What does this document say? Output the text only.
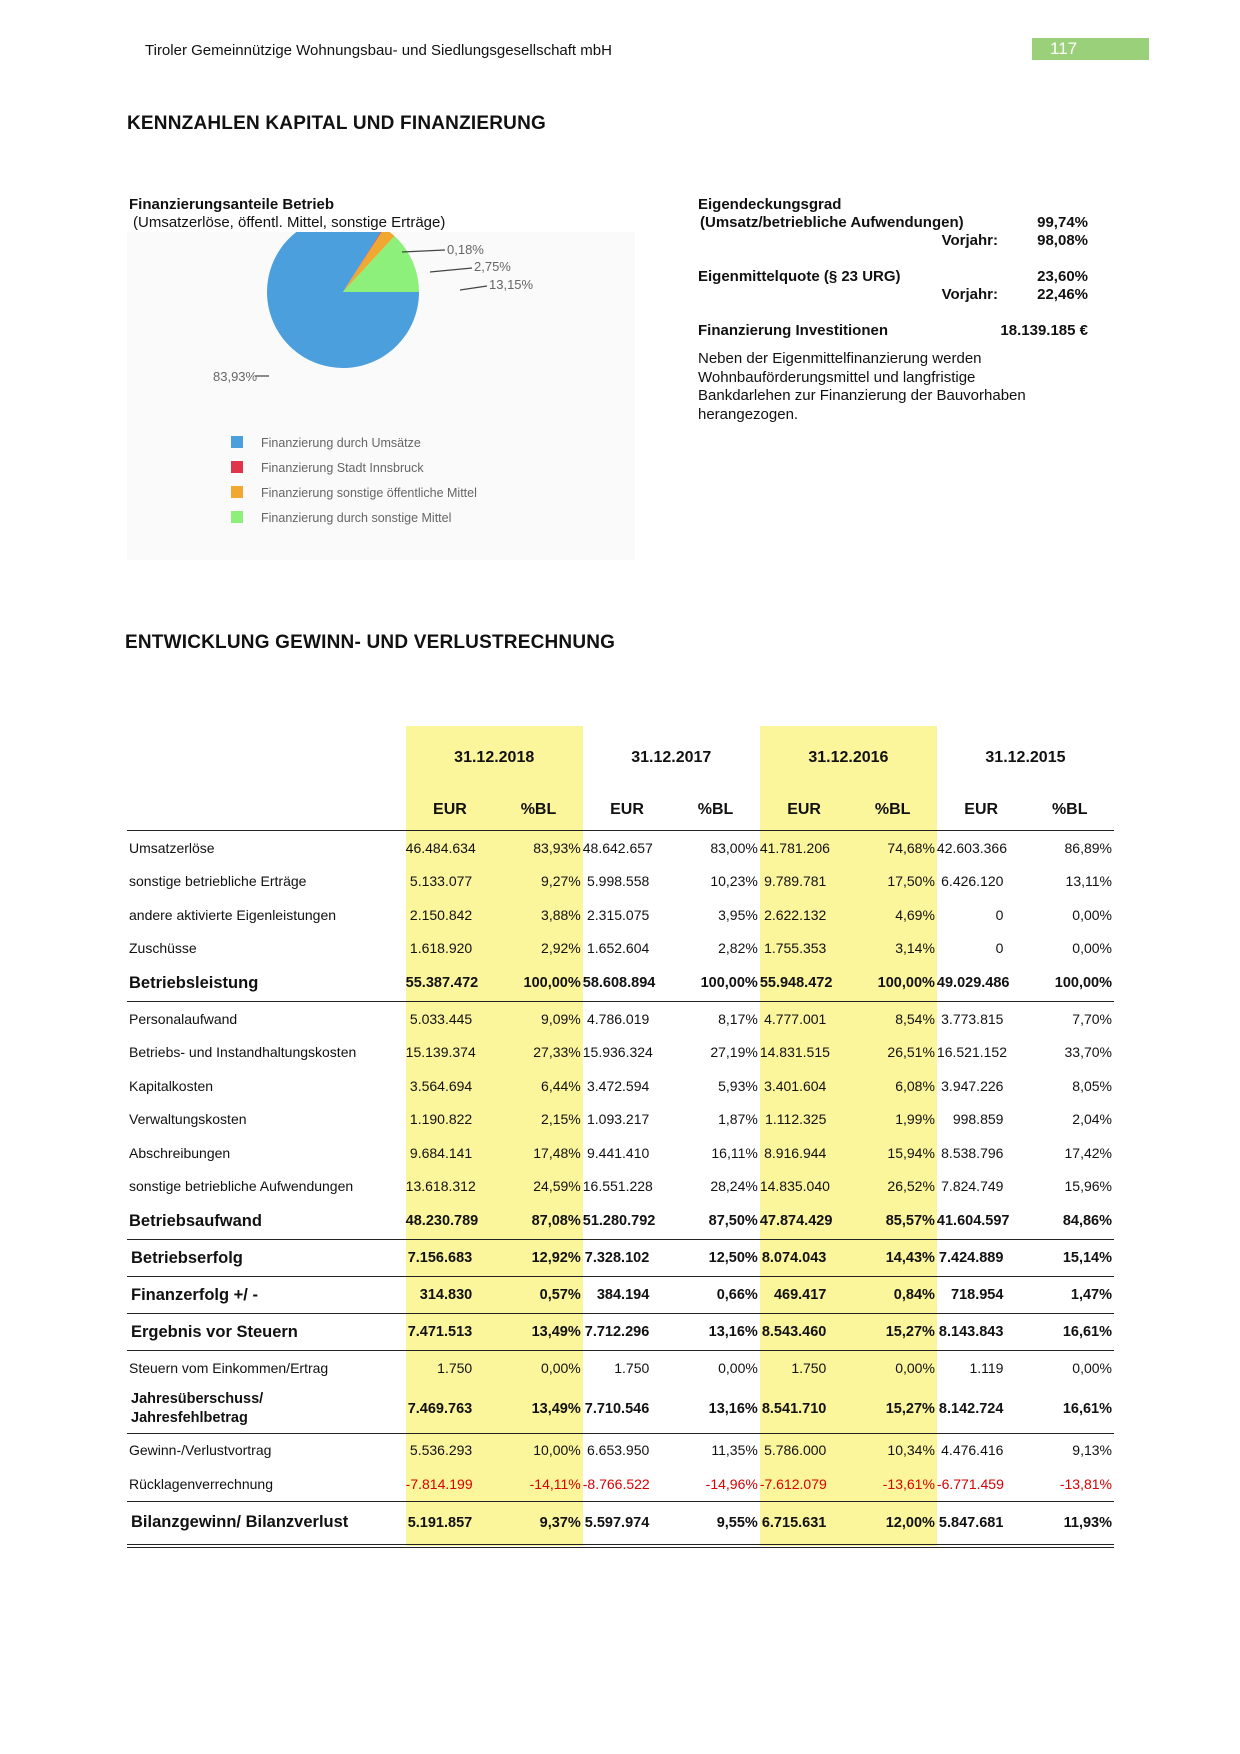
Tiroler Gemeinnützige Wohnungsbau- und Siedlungsgesellschaft mbH	117
KENNZAHLEN KAPITAL UND FINANZIERUNG
Finanzierungsanteile Betrieb
(Umsatzerlöse, öffentl. Mittel, sonstige Erträge)
83,93%
0,18%
2,75%
13,15%
Finanzierung durch Umsätze
Finanzierung Stadt Innsbruck
Finanzierung sonstige öffentliche Mittel
Finanzierung durch sonstige Mittel
Eigendeckungsgrad
(Umsatz/betriebliche Aufwendungen)	99,74%
Vorjahr:	98,08%
Eigenmittelquote (§ 23 URG)	23,60%
Vorjahr:	22,46%
Finanzierung Investitionen	18.139.185 €
Neben der Eigenmittelfinanzierung werden Wohnbauförderungsmittel und langfristige Bankdarlehen zur Finanzierung der Bauvorhaben herangezogen.
ENTWICKLUNG GEWINN- UND VERLUSTRECHNUNG
	31.12.2018		31.12.2017		31.12.2016		31.12.2015	
	EUR	%BL	EUR	%BL	EUR	%BL	EUR	%BL
Umsatzerlöse	46.484.634	83,93%	48.642.657	83,00%	41.781.206	74,68%	42.603.366	86,89%
sonstige betriebliche Erträge	5.133.077	9,27%	5.998.558	10,23%	9.789.781	17,50%	6.426.120	13,11%
andere aktivierte Eigenleistungen	2.150.842	3,88%	2.315.075	3,95%	2.622.132	4,69%	0	0,00%
Zuschüsse	1.618.920	2,92%	1.652.604	2,82%	1.755.353	3,14%	0	0,00%
Betriebsleistung	55.387.472	100,00%	58.608.894	100,00%	55.948.472	100,00%	49.029.486	100,00%
Personalaufwand	5.033.445	9,09%	4.786.019	8,17%	4.777.001	8,54%	3.773.815	7,70%
Betriebs- und Instandhaltungskosten	15.139.374	27,33%	15.936.324	27,19%	14.831.515	26,51%	16.521.152	33,70%
Kapitalkosten	3.564.694	6,44%	3.472.594	5,93%	3.401.604	6,08%	3.947.226	8,05%
Verwaltungskosten	1.190.822	2,15%	1.093.217	1,87%	1.112.325	1,99%	998.859	2,04%
Abschreibungen	9.684.141	17,48%	9.441.410	16,11%	8.916.944	15,94%	8.538.796	17,42%
sonstige betriebliche Aufwendungen	13.618.312	24,59%	16.551.228	28,24%	14.835.040	26,52%	7.824.749	15,96%
Betriebsaufwand	48.230.789	87,08%	51.280.792	87,50%	47.874.429	85,57%	41.604.597	84,86%
Betriebserfolg	7.156.683	12,92%	7.328.102	12,50%	8.074.043	14,43%	7.424.889	15,14%
Finanzerfolg +/ -	314.830	0,57%	384.194	0,66%	469.417	0,84%	718.954	1,47%
Ergebnis vor Steuern	7.471.513	13,49%	7.712.296	13,16%	8.543.460	15,27%	8.143.843	16,61%
Steuern vom Einkommen/Ertrag	1.750	0,00%	1.750	0,00%	1.750	0,00%	1.119	0,00%

Jahresüberschuss/
Jahresfehlbetrag	7.469.763	13,49%	7.710.546	13,16%	8.541.710	15,27%	8.142.724	16,61%
Gewinn-/Verlustvortrag	5.536.293	10,00%	6.653.950	11,35%	5.786.000	10,34%	4.476.416	9,13%
Rücklagenverrechnung	-7.814.199	-14,11%	-8.766.522	-14,96%	-7.612.079	-13,61%	-6.771.459	-13,81%
Bilanzgewinn/ Bilanzverlust	5.191.857	9,37%	5.597.974	9,55%	6.715.631	12,00%	5.847.681	11,93%
